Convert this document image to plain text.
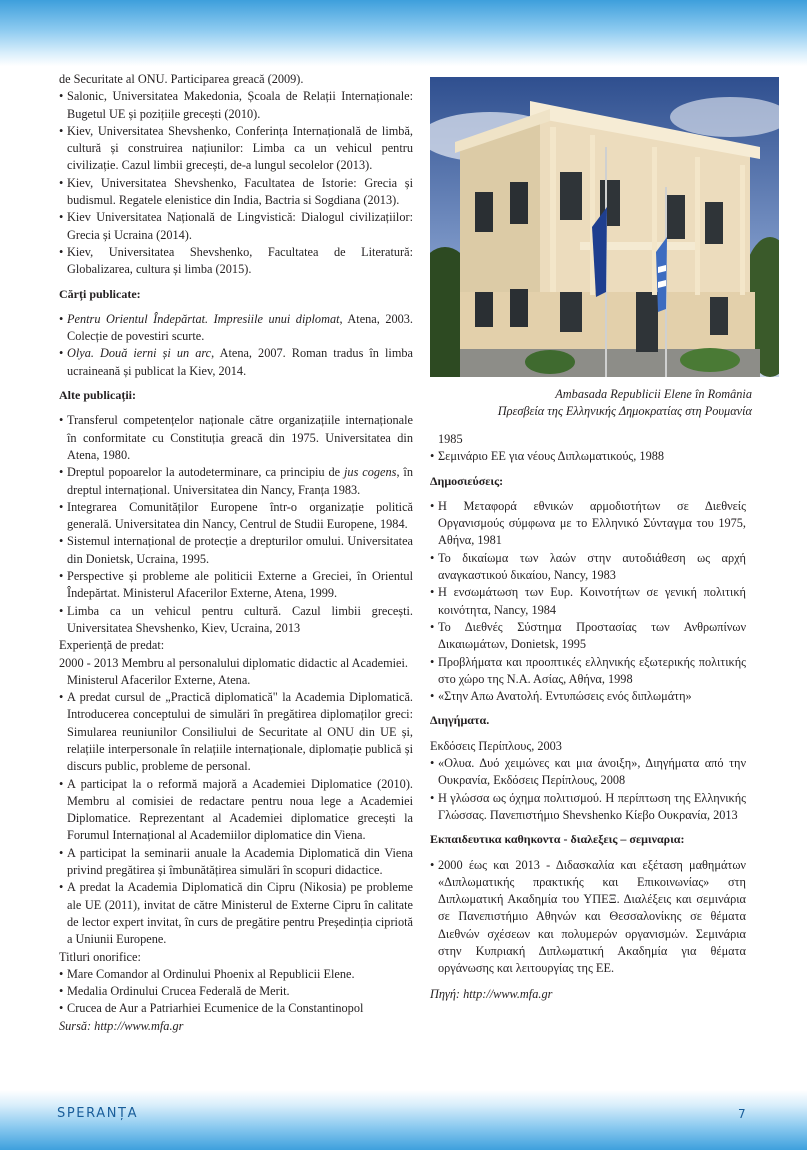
de Securitate al ONU. Participarea greacă (2009).

• Salonic, Universitatea Makedonia, Școala de Relații Internaționale: Bugetul UE și pozițiile grecești (2010).

• Kiev, Universitatea Shevshenko, Conferința Internațională de limbă, cultură și construirea națiunilor: Limba ca un vehicul pentru civilizație. Cazul limbii grecești, de-a lungul secolelor (2013).

• Kiev, Universitatea Shevshenko, Facultatea de Istorie: Grecia și budismul. Regatele elenistice din India, Bactria si Sogdiana (2013).

• Kiev Universitatea Națională de Lingvistică: Dialogul civilizațiilor: Grecia și Ucraina (2014).

• Kiev, Universitatea Shevshenko, Facultatea de Literatură: Globalizarea, cultura și limba (2015).

Cărți publicate:

• Pentru Orientul Îndepărtat. Impresiile unui diplomat, Atena, 2003. Colecție de povestiri scurte.

• Olya. Două ierni și un arc, Atena, 2007. Roman tradus în limba ucraineană și publicat la Kiev, 2014.

Alte publicații:

• Transferul competențelor naționale către organizațiile internaționale în conformitate cu Constituția greacă din 1975. Universitatea din Atena, 1980.

• Dreptul popoarelor la autodeterminare, ca principiu de jus cogens, în dreptul internațional. Universitatea din Nancy, Franța 1983.

• Integrarea Comunităților Europene într-o organizație politică generală. Universitatea din Nancy, Centrul de Studii Europene, 1984.

• Sistemul internațional de protecție a drepturilor omului. Universitatea din Donietsk, Ucraina, 1995.

• Perspective și probleme ale politicii Externe a Greciei, în Orientul Îndepărtat. Ministerul Afacerilor Externe, Atena, 1999.

• Limba ca un vehicul pentru cultură. Cazul limbii grecești. Universitatea Shevshenko, Kiev, Ucraina, 2013

Experiență de predat:

2000 - 2013 Membru al personalului diplomatic didactic al Academiei.

Ministerul Afacerilor Externe, Atena.

• A predat cursul de „Practică diplomatică" la Academia Diplomatică. Introducerea conceptului de simulări în pregătirea diplomaților greci: Simularea reuniunilor Consiliului de Securitate al ONU din UE și, relațiile interpersonale în relațiile internaționale, diplomație publică și discurs public, probleme de personal.

• A participat la o reformă majoră a Academiei Diplomatice (2010). Membru al comisiei de redactare pentru noua lege a Academiei Diplomatice. Reprezentant al Academiei diplomatice grecești la Forumul Internațional al Academiilor diplomatice din Viena.

• A participat la seminarii anuale la Academia Diplomatică din Viena privind pregătirea și îmbunătățirea simulări în scopuri didactice.

• A predat la Academia Diplomatică din Cipru (Nikosia) pe probleme ale UE (2011), invitat de către Ministerul de Externe Cipru în calitate de lector expert invitat, în curs de pregătire pentru Președinția cipriotă a Uniunii Europene.

Titluri onorifice:

• Mare Comandor al Ordinului Phoenix al Republicii Elene.

• Medalia Ordinului Crucea Federală de Merit.

• Crucea de Aur a Patriarhiei Ecumenice de la Constantinopol

Sursă: http://www.mfa.gr

Ambasada Republicii Elene în România
Πρεσβεία της Ελληνικής Δημοκρατίας στη Ρουμανία

1985

• Σεμινάριο ΕΕ για νέους Διπλωματικούς, 1988

Δημοσιεύσεις:

• Η Μεταφορά εθνικών αρμοδιοτήτων σε Διεθνείς Οργανισμούς σύμφωνα με το Ελληνικό Σύνταγμα του 1975, Αθήνα, 1981

• Το δικαίωμα των λαών στην αυτοδιάθεση ως αρχή αναγκαστικού δικαίου, Nancy, 1983

• Η ενσωμάτωση των Ευρ. Κοινοτήτων σε γενική πολιτική κοινότητα, Nancy, 1984

• Το Διεθνές Σύστημα Προστασίας των Ανθρωπίνων Δικαιωμάτων, Donietsk, 1995

• Προβλήματα και προοπτικές ελληνικής εξωτερικής πολιτικής στο χώρο της Ν.Α. Ασίας, Αθήνα, 1998

• «Στην Απω Ανατολή. Εντυπώσεις ενός διπλωμάτη»

Διηγήματα.

Εκδόσεις Περίπλους, 2003

• «Ολυα. Δυό χειμώνες και μια άνοιξη», Διηγήματα από την Ουκρανία, Εκδόσεις Περίπλους, 2008

• Η γλώσσα ως όχημα πολιτισμού. Η περίπτωση της Ελληνικής Γλώσσας. Πανεπιστήμιο Shevshenko Κίεβο Ουκρανία, 2013

Εκπαιδευτικα καθηκοντα - διαλεξεις – σεμιναρια:

• 2000 έως και 2013 - Διδασκαλία και εξέταση μαθημάτων «Διπλωματικής πρακτικής και Επικοινωνίας» στη Διπλωματική Ακαδημία του ΥΠΕΞ. Διαλέξεις και σεμινάρια σε Πανεπιστήμιο Αθηνών και Θεσσαλονίκης σε θέματα Διεθνών σχέσεων και πολυμερών οργανισμών. Σεμινάρια στην Κυπριακή Διπλωματική Ακαδημία για θέματα οργάνωσης και λειτουργίας της ΕΕ.

Πηγή: http://www.mfa.gr

SPERANȚA	7
